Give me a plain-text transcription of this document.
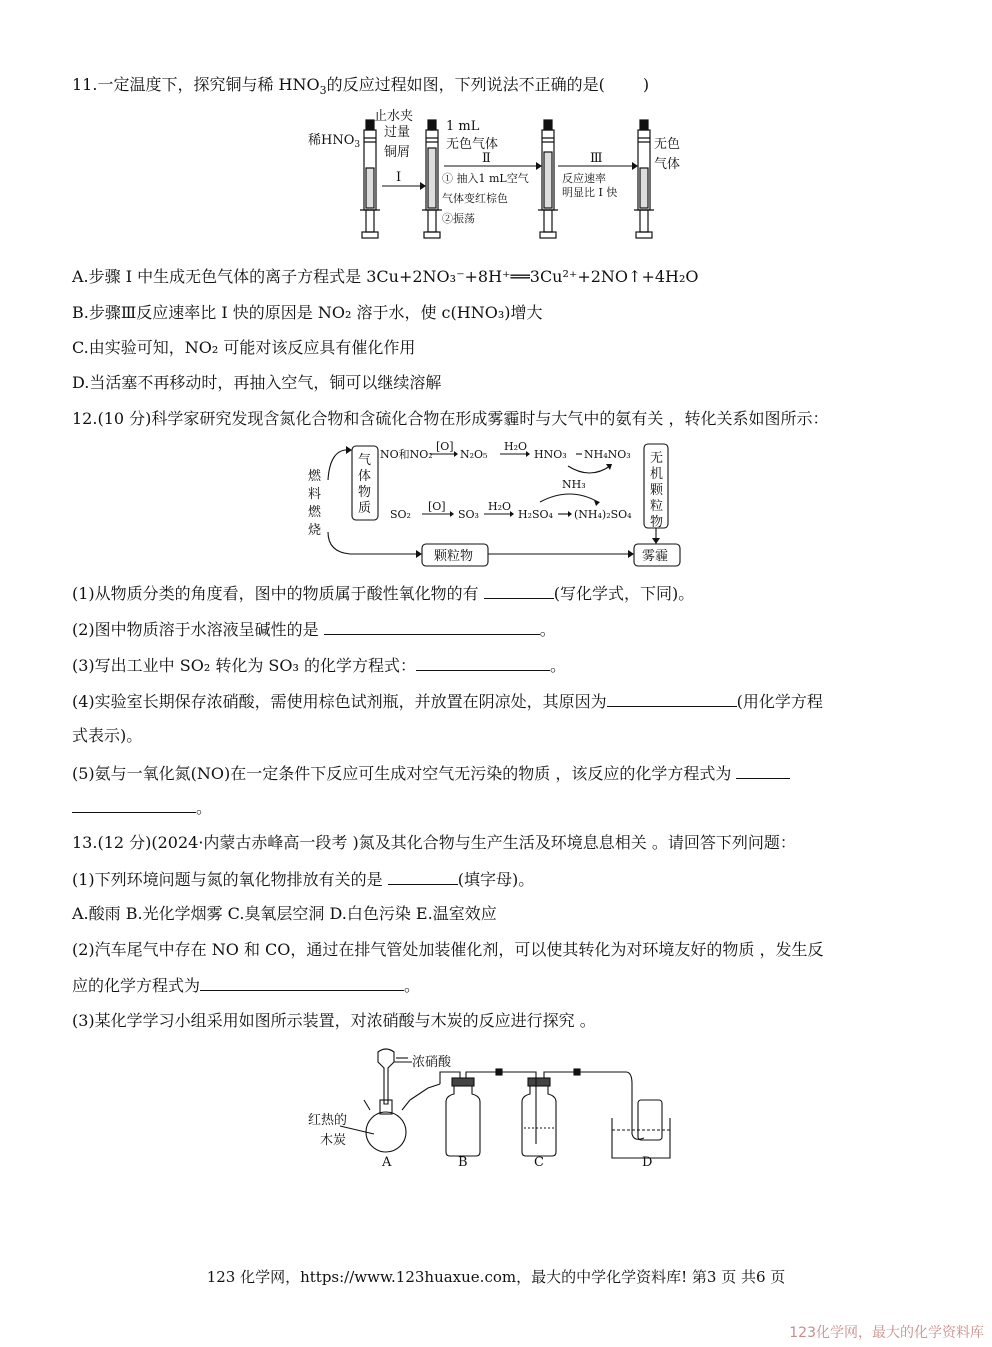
11.一定温度下，探究铜与稀 $HNO_3$的反应过程如图，下列说法不正确的是( )
稀$HNO_3$
止水夹
过量
铜屑
Ⅰ
1 mL
无色气体
Ⅱ
① 抽入1 mL空气
气体变红棕色
②振荡
Ⅲ
反应速率
明显比 Ⅰ 快
无色
气体
A.步骤 Ⅰ 中生成无色气体的离子方程式是 3Cu+2NO₃⁻+8H⁺══3Cu²⁺+2NO↑+4H₂O
B.步骤Ⅲ反应速率比 Ⅰ 快的原因是 NO₂ 溶于水，使 c(HNO₃)增大
C.由实验可知，NO₂ 可能对该反应具有催化作用
D.当活塞不再移动时，再抽入空气，铜可以继续溶解
12.(10 分)科学家研究发现含氮化合物和含硫化合物在形成雾霾时与大气中的氨有关 ，转化关系如图所示：
燃
料
燃
烧
气
体
物
质
NO和NO₂
[O]
N₂O₅
H₂O
HNO₃ NH₄NO₃
NH₃
SO₂
[O]
SO₃
H₂O
H₂SO₄ (NH₄)₂SO₄
无
机
颗
粒
物
颗粒物	雾霾
(1)从物质分类的角度看，图中的物质属于酸性氧化物的有	(写化学式，下同)。
(2)图中物质溶于水溶液呈碱性的是	。
(3)写出工业中 SO₂ 转化为 SO₃ 的化学方程式：	。
(4)实验室长期保存浓硝酸，需使用棕色试剂瓶，并放置在阴凉处，其原因为	(用化学方程
式表示)。
(5)氨与一氧化氮(NO)在一定条件下反应可生成对空气无污染的物质 ，该反应的化学方程式为
。
13.(12 分)(2024·内蒙古赤峰高一段考 )氮及其化合物与生产生活及环境息息相关 。请回答下列问题：
(1)下列环境问题与氮的氧化物排放有关的是	(填字母)。
A.酸雨 B.光化学烟雾 C.臭氧层空洞 D.白色污染 E.温室效应
(2)汽车尾气中存在 NO 和 CO，通过在排气管处加装催化剂，可以使其转化为对环境友好的物质 ，发生反
应的化学方程式为	。
(3)某化学学习小组采用如图所示装置，对浓硝酸与木炭的反应进行探究 。
浓硝酸
红热的
木炭
A	B	C	D
123 化学网，https://www.123huaxue.com，最大的中学化学资料库! 第3 页 共6 页
123化学网，最大的化学资料库
